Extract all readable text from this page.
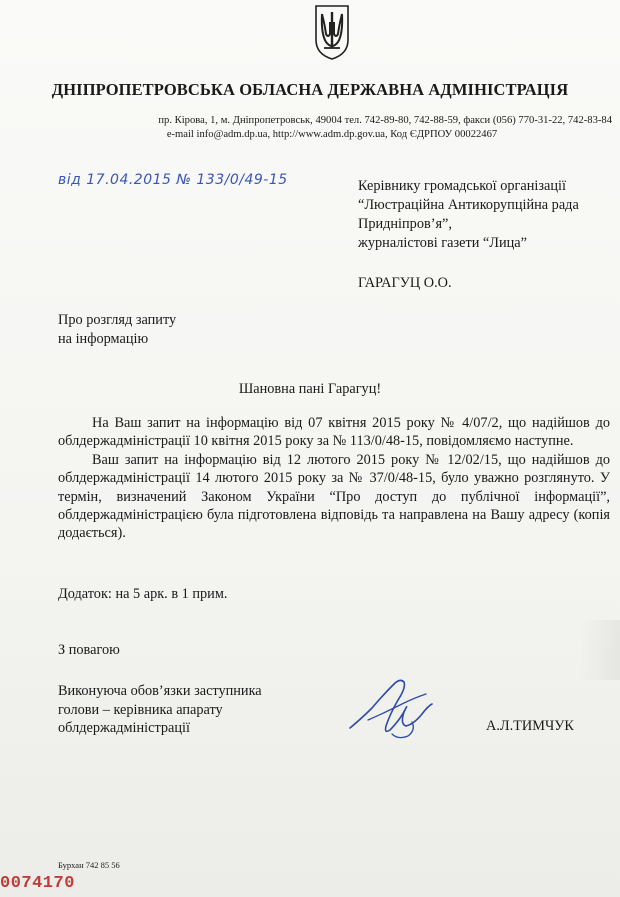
ДНІПРОПЕТРОВСЬКА ОБЛАСНА ДЕРЖАВНА АДМІНІСТРАЦІЯ
пр. Кірова, 1, м. Дніпропетровськ, 49004 тел. 742-89-80, 742-88-59, факси (056) 770-31-22, 742-83-84
e-mail info@adm.dp.ua, http://www.adm.dp.gov.ua, Код ЄДРПОУ 00022467
від 17.04.2015 № 133/0/49-15	Керівнику громадської організації
“Люстраційна Антикорупційна рада
Придніпров’я”,
журналістові газети “Лица”
ГАРАГУЦ О.О.
Про розгляд запиту
на інформацію
Шановна пані Гарагуц!

На Ваш запит на інформацію від 07 квітня 2015 року № 4/07/2, що надійшов до облдержадміністрації 10 квітня 2015 року за № 113/0/48-15, повідомляємо наступне.

Ваш запит на інформацію від 12 лютого 2015 року № 12/02/15, що надійшов до облдержадміністрації 14 лютого 2015 року за № 37/0/48-15, було уважно розглянуто. У термін, визначений Законом України “Про доступ до публічної інформації”, облдержадміністрацією була підготовлена відповідь та направлена на Вашу адресу (копія додається).

Додаток: на 5 арк. в 1 прим.
З повагою
Виконуюча обов’язки заступника
голови – керівника апарату
облдержадміністрації	А.Л.ТИМЧУК
Бурхан 742 85 56
0074170
